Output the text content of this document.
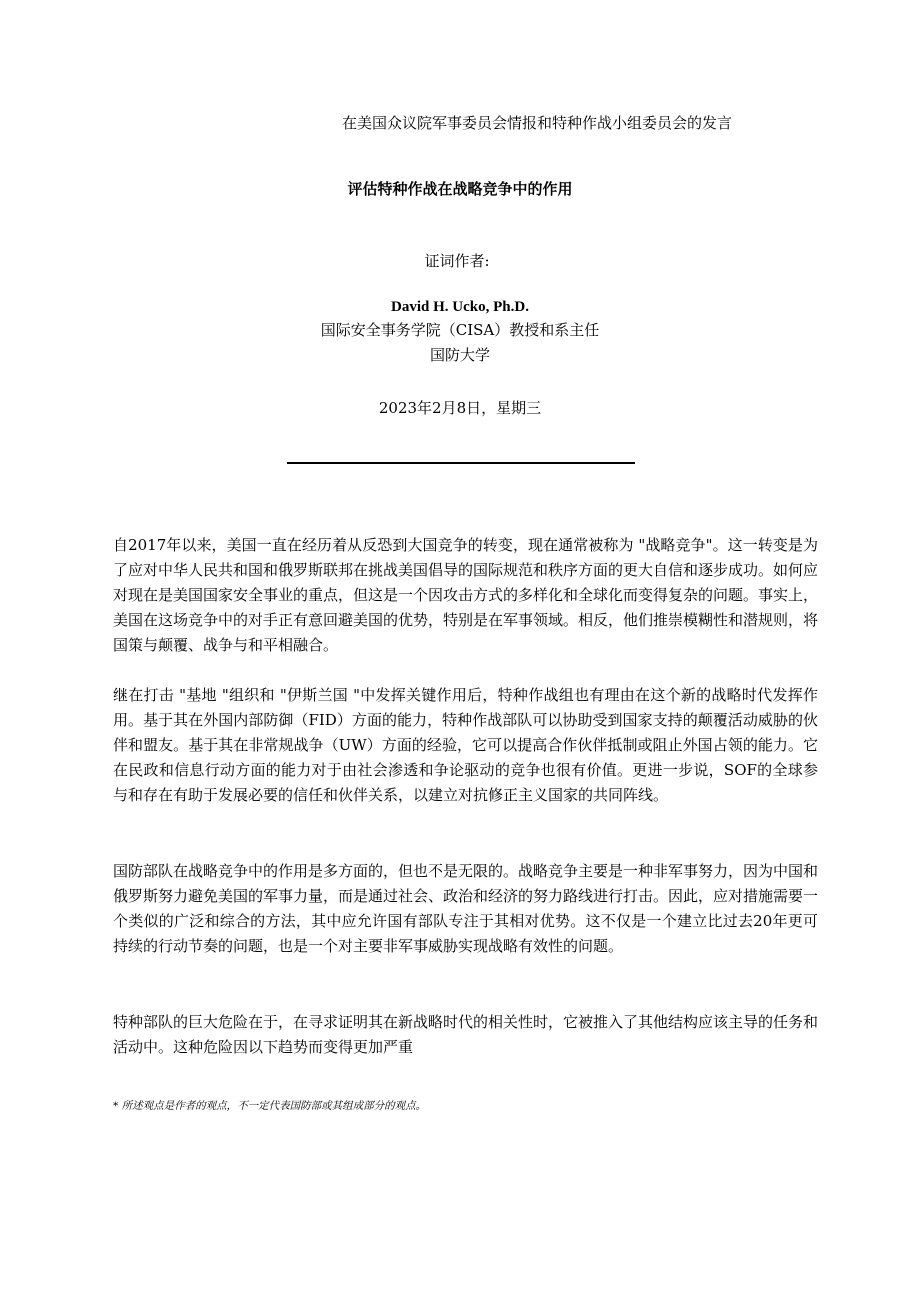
在美国众议院军事委员会情报和特种作战小组委员会的发言
评估特种作战在战略竞争中的作用
证词作者:
David H. Ucko, Ph.D.
国际安全事务学院（CISA）教授和系主任
国防大学
2023年2月8日，星期三

自2017年以来，美国一直在经历着从反恐到大国竞争的转变，现在通常被称为 "战略竞争"。这一转变是为了应对中华人民共和国和俄罗斯联邦在挑战美国倡导的国际规范和秩序方面的更大自信和逐步成功。如何应对现在是美国国家安全事业的重点，但这是一个因攻击方式的多样化和全球化而变得复杂的问题。事实上，美国在这场竞争中的对手正有意回避美国的优势，特别是在军事领域。相反，他们推崇模糊性和潜规则，将国策与颠覆、战争与和平相融合。

继在打击 "基地 "组织和 "伊斯兰国 "中发挥关键作用后，特种作战组也有理由在这个新的战略时代发挥作用。基于其在外国内部防御（FID）方面的能力，特种作战部队可以协助受到国家支持的颠覆活动威胁的伙伴和盟友。基于其在非常规战争（UW）方面的经验，它可以提高合作伙伴抵制或阻止外国占领的能力。它在民政和信息行动方面的能力对于由社会渗透和争论驱动的竞争也很有价值。更进一步说，SOF的全球参与和存在有助于发展必要的信任和伙伴关系，以建立对抗修正主义国家的共同阵线。

国防部队在战略竞争中的作用是多方面的，但也不是无限的。战略竞争主要是一种非军事努力，因为中国和俄罗斯努力避免美国的军事力量，而是通过社会、政治和经济的努力路线进行打击。因此，应对措施需要一个类似的广泛和综合的方法，其中应允许国有部队专注于其相对优势。这不仅是一个建立比过去20年更可持续的行动节奏的问题，也是一个对主要非军事威胁实现战略有效性的问题。

特种部队的巨大危险在于，在寻求证明其在新战略时代的相关性时，它被推入了其他结构应该主导的任务和活动中。这种危险因以下趋势而变得更加严重

* 所述观点是作者的观点，不一定代表国防部或其组成部分的观点。
